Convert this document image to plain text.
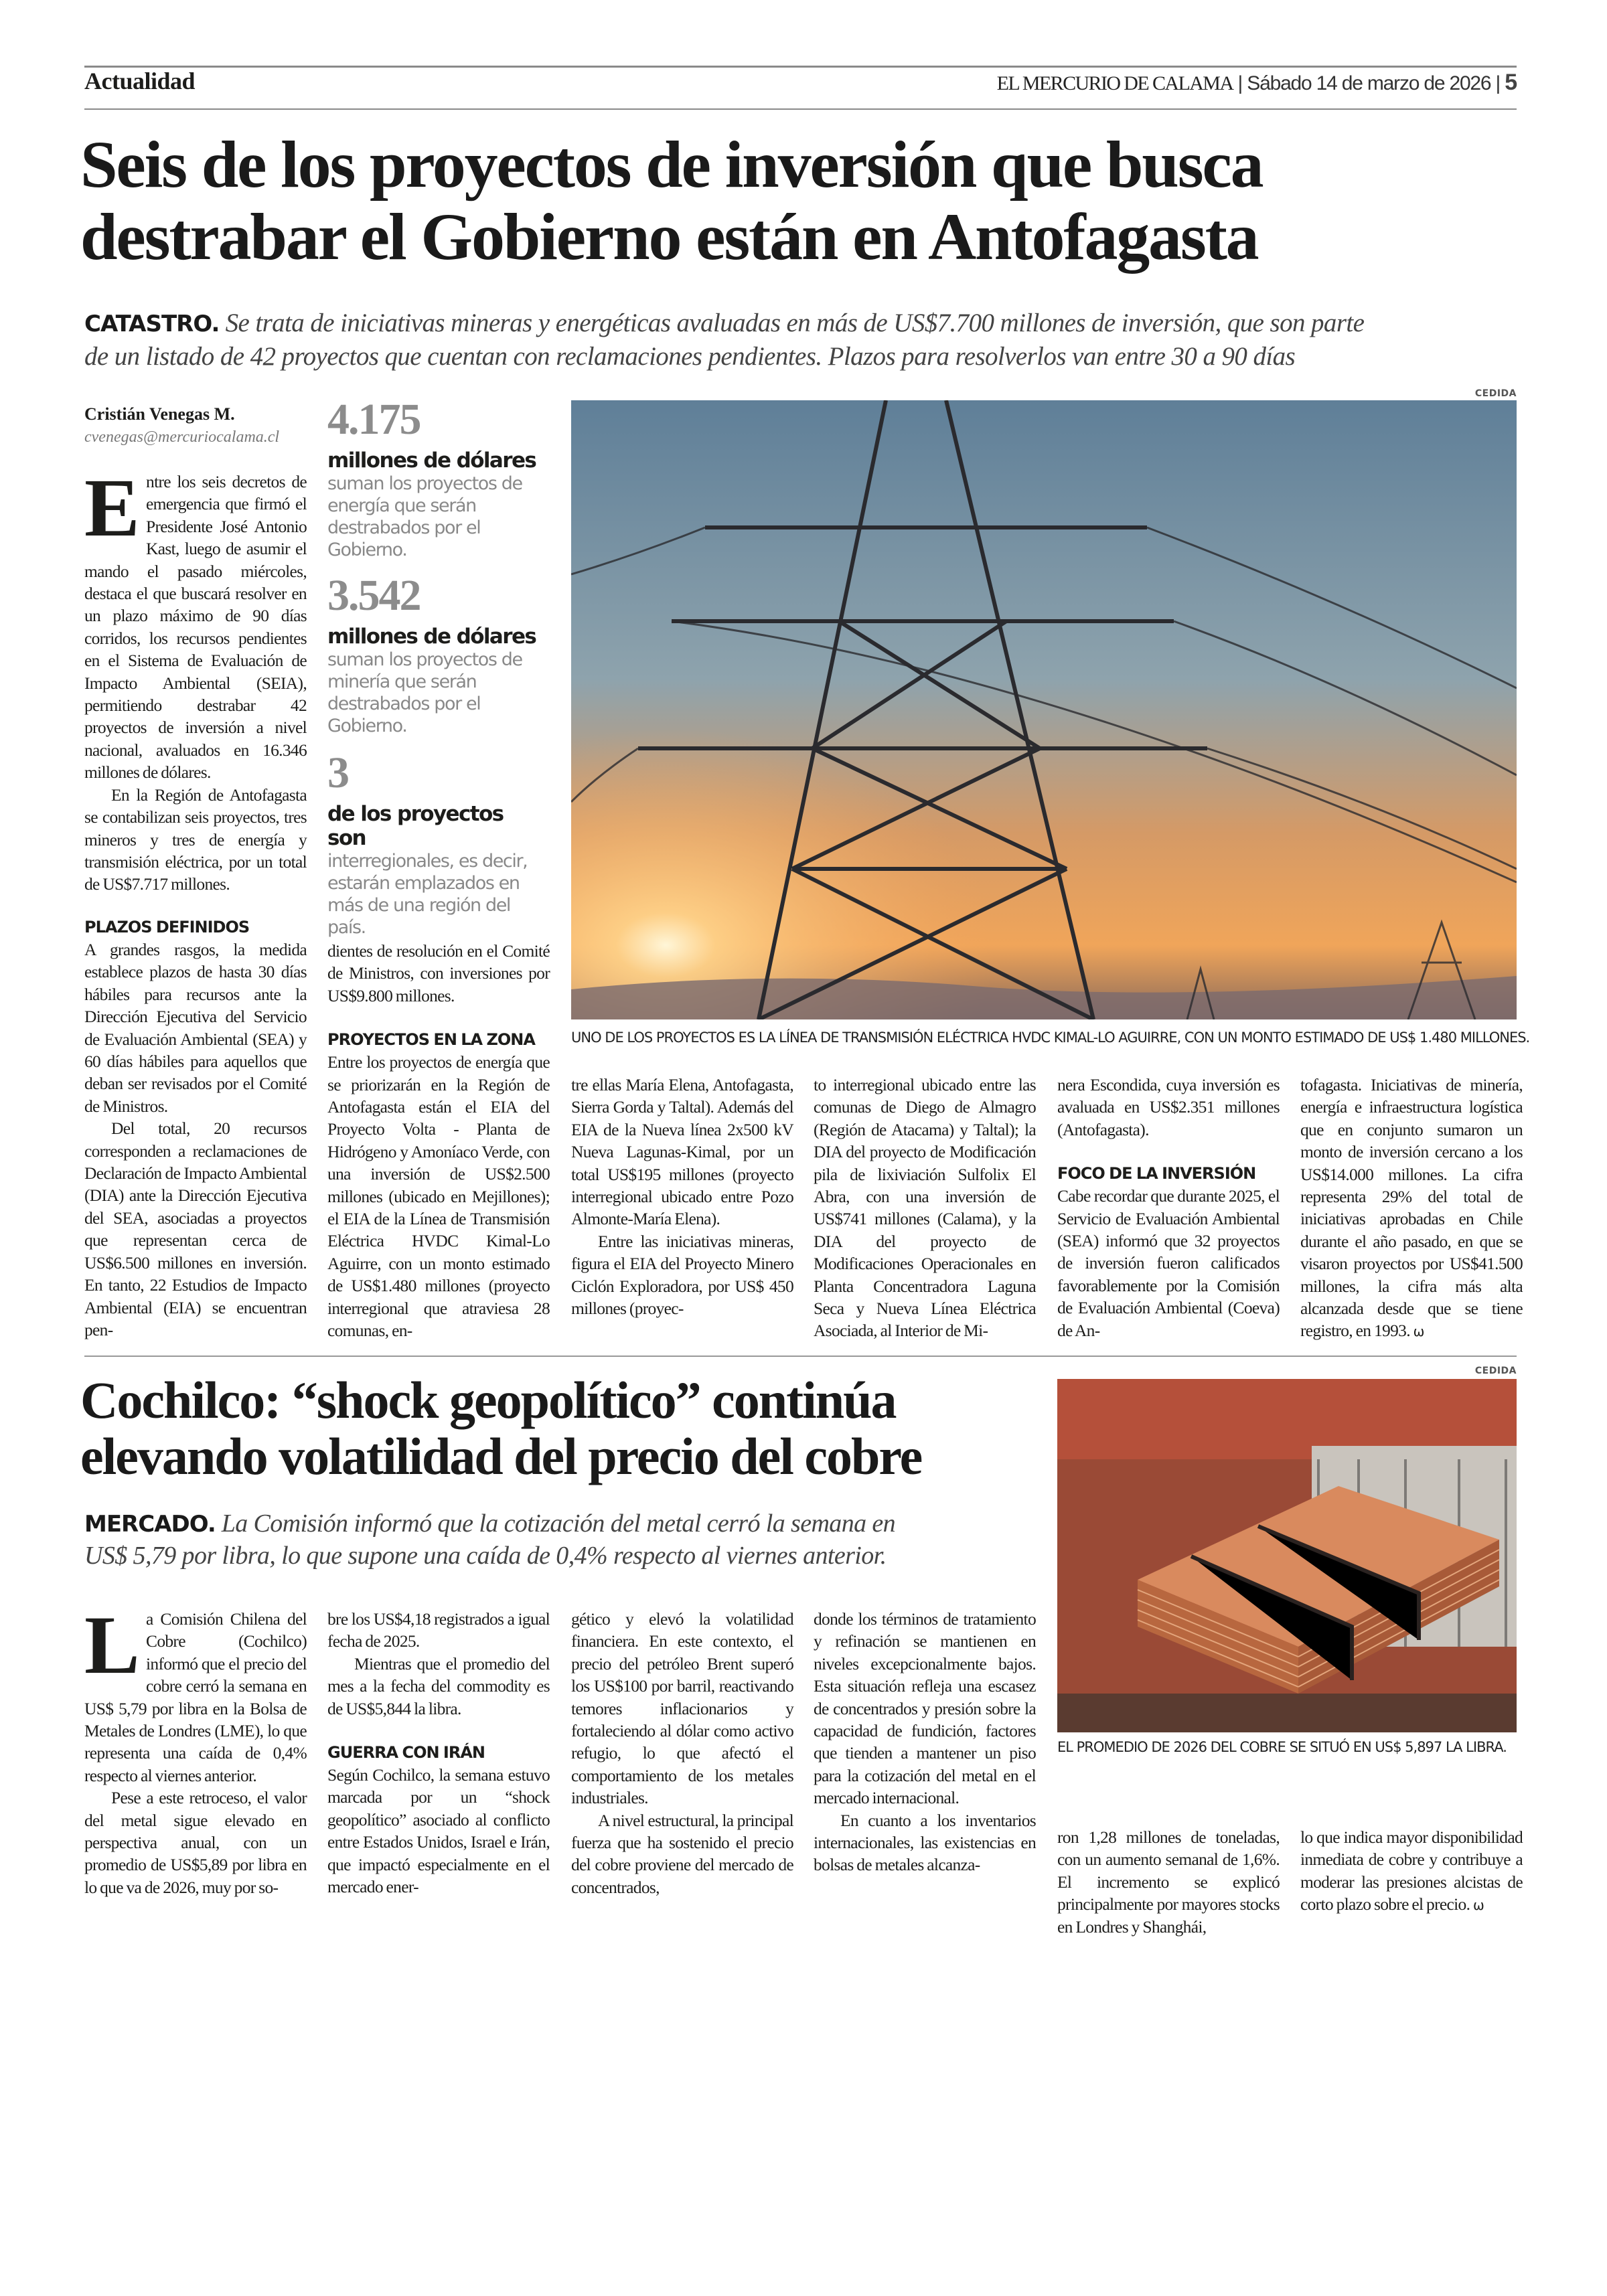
Actualidad	EL MERCURIO DE CALAMA | Sábado 14 de marzo de 2026 | 5
Seis de los proyectos de inversión que busca
destrabar el Gobierno están en Antofagasta
CATASTRO. Se trata de iniciativas mineras y energéticas avaluadas en más de US$7.700 millones de inversión, que son parte
de un listado de 42 proyectos que cuentan con reclamaciones pendientes. Plazos para resolverlos van entre 30 a 90 días
Cristián Venegas M.
cvenegas@mercuriocalama.cl	4.175
millones de dólares
suman los proyectos de energía que serán destrabados por el Gobierno.
3.542
millones de dólares
suman los proyectos de minería que serán destrabados por el Gobierno.
3
de los proyectos son
interregionales, es decir, estarán emplazados en más de una región del país.
CEDIDA
UNO DE LOS PROYECTOS ES LA LÍNEA DE TRANSMISIÓN ELÉCTRICA HVDC KIMAL-LO AGUIRRE, CON UN MONTO ESTIMADO DE US$ 1.480 MILLONES.

Entre los seis decretos de emergencia que firmó el Presidente José Antonio Kast, luego de asumir el mando el pasado miércoles, destaca el que buscará resolver en un plazo máximo de 90 días corridos, los recursos pendientes en el Sistema de Evaluación de Impacto Ambiental (SEIA), permitiendo destrabar 42 proyectos de inversión a nivel nacional, avaluados en 16.346 millones de dólares.

En la Región de Antofagasta se contabilizan seis proyectos, tres mineros y tres de energía y transmisión eléctrica, por un total de US$7.717 millones.

PLAZOS DEFINIDOS

A grandes rasgos, la medida establece plazos de hasta 30 días hábiles para recursos ante la Dirección Ejecutiva del Servicio de Evaluación Ambiental (SEA) y 60 días hábiles para aquellos que deban ser revisados por el Comité de Ministros.

Del total, 20 recursos corresponden a reclamaciones de Declaración de Impacto Ambiental (DIA) ante la Dirección Ejecutiva del SEA, asociadas a proyectos que representan cerca de US$6.500 millones en inversión. En tanto, 22 Estudios de Impacto Ambiental (EIA) se encuentran pen-

dientes de resolución en el Comité de Ministros, con inversiones por US$9.800 millones.

PROYECTOS EN LA ZONA

Entre los proyectos de energía que se priorizarán en la Región de Antofagasta están el EIA del Proyecto Volta - Planta de Hidrógeno y Amoníaco Verde, con una inversión de US$2.500 millones (ubicado en Mejillones); el EIA de la Línea de Transmisión Eléctrica HVDC Kimal-Lo Aguirre, con un monto estimado de US$1.480 millones (proyecto interregional que atraviesa 28 comunas, en-

tre ellas María Elena, Antofagasta, Sierra Gorda y Taltal). Además del EIA de la Nueva línea 2x500 kV Nueva Lagunas-Kimal, por un total US$195 millones (proyecto interregional ubicado entre Pozo Almonte-María Elena).

Entre las iniciativas mineras, figura el EIA del Proyecto Minero Ciclón Exploradora, por US$ 450 millones (proyec-

to interregional ubicado entre las comunas de Diego de Almagro (Región de Atacama) y Taltal); la DIA del proyecto de Modificación pila de lixiviación Sulfolix El Abra, con una inversión de US$741 millones (Calama), y la DIA del proyecto de Modificaciones Operacionales en Planta Concentradora Laguna Seca y Nueva Línea Eléctrica Asociada, al Interior de Mi-

nera Escondida, cuya inversión es avaluada en US$2.351 millones (Antofagasta).

FOCO DE LA INVERSIÓN

Cabe recordar que durante 2025, el Servicio de Evaluación Ambiental (SEA) informó que 32 proyectos de inversión fueron calificados favorablemente por la Comisión de Evaluación Ambiental (Coeva) de An-

tofagasta. Iniciativas de minería, energía e infraestructura logística que en conjunto sumaron un monto de inversión cercano a los US$14.000 millones. La cifra representa 29% del total de iniciativas aprobadas en Chile durante el año pasado, en que se visaron proyectos por US$41.500 millones, la cifra más alta alcanzada desde que se tiene registro, en 1993. ω

Cochilco: “shock geopolítico” continúa
elevando volatilidad del precio del cobre
MERCADO. La Comisión informó que la cotización del metal cerró la semana en
US$ 5,79 por libra, lo que supone una caída de 0,4% respecto al viernes anterior.
CEDIDA
EL PROMEDIO DE 2026 DEL COBRE SE SITUÓ EN US$ 5,897 LA LIBRA.

La Comisión Chilena del Cobre (Cochilco) informó que el precio del cobre cerró la semana en US$ 5,79 por libra en la Bolsa de Metales de Londres (LME), lo que representa una caída de 0,4% respecto al viernes anterior.

Pese a este retroceso, el valor del metal sigue elevado en perspectiva anual, con un promedio de US$5,89 por libra en lo que va de 2026, muy por so-

bre los US$4,18 registrados a igual fecha de 2025.

Mientras que el promedio del mes a la fecha del commodity es de US$5,844 la libra.

GUERRA CON IRÁN

Según Cochilco, la semana estuvo marcada por un “shock geopolítico” asociado al conflicto entre Estados Unidos, Israel e Irán, que impactó especialmente en el mercado ener-

gético y elevó la volatilidad financiera. En este contexto, el precio del petróleo Brent superó los US$100 por barril, reactivando temores inflacionarios y fortaleciendo al dólar como activo refugio, lo que afectó el comportamiento de los metales industriales.

A nivel estructural, la principal fuerza que ha sostenido el precio del cobre proviene del mercado de concentrados,

donde los términos de tratamiento y refinación se mantienen en niveles excepcionalmente bajos. Esta situación refleja una escasez de concentrados y presión sobre la capacidad de fundición, factores que tienden a mantener un piso para la cotización del metal en el mercado internacional.

En cuanto a los inventarios internacionales, las existencias en bolsas de metales alcanza-

ron 1,28 millones de toneladas, con un aumento semanal de 1,6%. El incremento se explicó principalmente por mayores stocks en Londres y Shanghái,

lo que indica mayor disponibilidad inmediata de cobre y contribuye a moderar las presiones alcistas de corto plazo sobre el precio. ω
